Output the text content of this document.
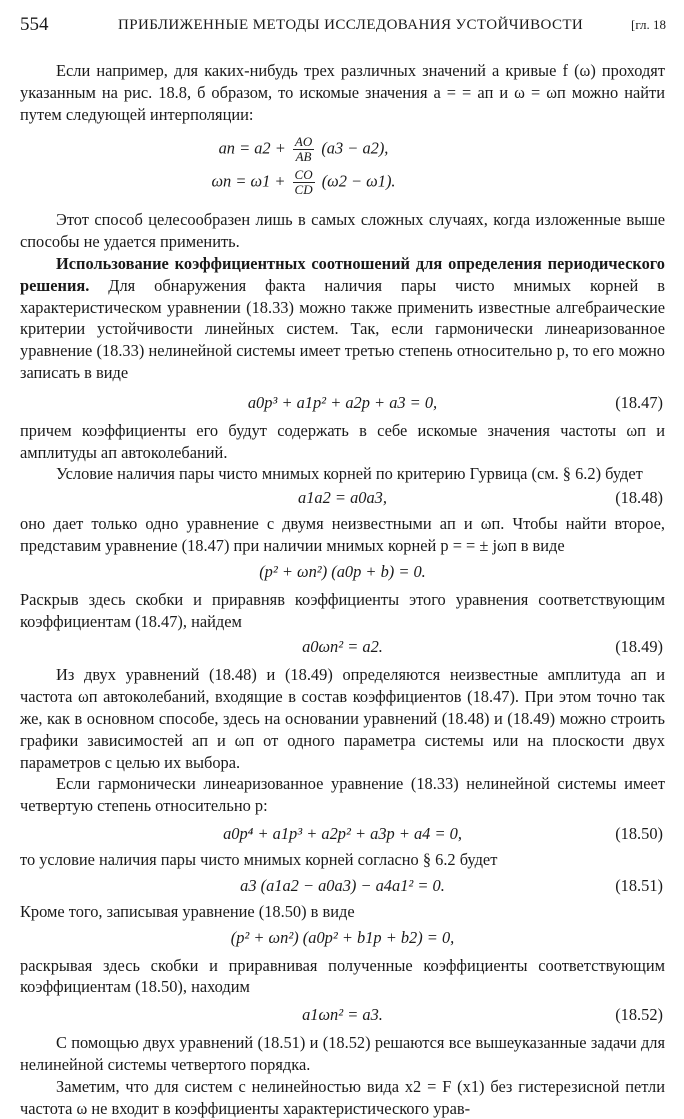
554	ПРИБЛИЖЕННЫЕ МЕТОДЫ ИССЛЕДОВАНИЯ УСТОЙЧИВОСТИ	[гл. 18

Если например, для каких-нибудь трех различных значений a кривые f (ω) проходят указанным на рис. 18.8, б образом, то искомые значения a = = aп и ω = ωп можно найти путем следующей интерполяции:

aп = $a2 + \frac{AO}{AB} (a3 - a2)$,
$\omega п = \omega 1 + \frac{CO}{CD} (\omega 2 - \omega 1)$.

Этот способ целесообразен лишь в самых сложных случаях, когда изложенные выше способы не удается применить.

Использование коэффициентных соотношений для определения периодического решения. Для обнаружения факта наличия пары чисто мнимых корней в характеристическом уравнении (18.33) можно также применить известные алгебраические критерии устойчивости линейных систем. Так, если гармонически линеаризованное уравнение (18.33) нелинейной системы имеет третью степень относительно p, то его можно записать в виде

a0p³ + a1p² + a2p + a3 = 0,	(18.47)

причем коэффициенты его будут содержать в себе искомые значения частоты ωп и амплитуды aп автоколебаний.

Условие наличия пары чисто мнимых корней по критерию Гурвица (см. § 6.2) будет

a1a2 = a0a3,	(18.48)

оно дает только одно уравнение с двумя неизвестными aп и ωп. Чтобы найти второе, представим уравнение (18.47) при наличии мнимых корней p = = ± jωп в виде

(p² + ωп²) (a0p + b) = 0.

Раскрыв здесь скобки и приравняв коэффициенты этого уравнения соответствующим коэффициентам (18.47), найдем

a0ωп² = a2.	(18.49)

Из двух уравнений (18.48) и (18.49) определяются неизвестные амплитуда aп и частота ωп автоколебаний, входящие в состав коэффициентов (18.47). При этом точно так же, как в основном способе, здесь на основании уравнений (18.48) и (18.49) можно строить графики зависимостей aп и ωп от одного параметра системы или на плоскости двух параметров с целью их выбора.

Если гармонически линеаризованное уравнение (18.33) нелинейной системы имеет четвертую степень относительно p:

a0p⁴ + a1p³ + a2p² + a3p + a4 = 0,	(18.50)

то условие наличия пары чисто мнимых корней согласно § 6.2 будет

a3 (a1a2 − a0a3) − a4a1² = 0.	(18.51)

Кроме того, записывая уравнение (18.50) в виде

(p² + ωп²) (a0p² + b1p + b2) = 0,

раскрывая здесь скобки и приравнивая полученные коэффициенты соответствующим коэффициентам (18.50), находим

a1ωп² = a3.	(18.52)

С помощью двух уравнений (18.51) и (18.52) решаются все вышеуказанные задачи для нелинейной системы четвертого порядка.

Заметим, что для систем с нелинейностью вида x2 = F (x1) без гистерезисной петли частота ω не входит в коэффициенты характеристического урав-
